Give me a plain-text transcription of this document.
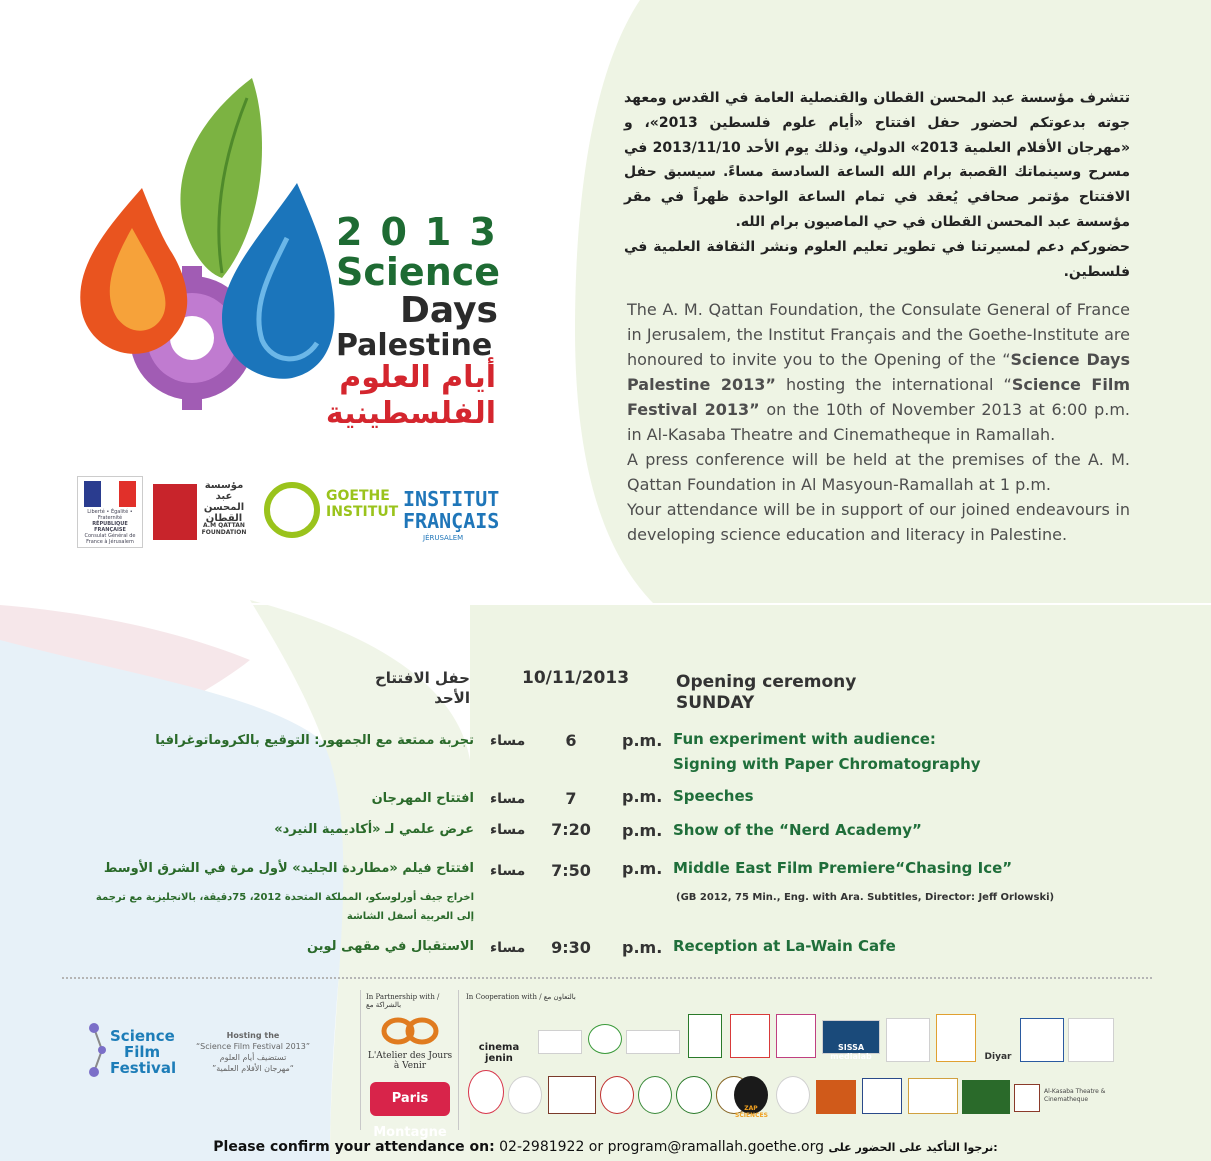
2013
Science
Days
Palestine
أيام العلوم
الفلسطينية
Liberté • Égalité • Fraternité
RÉPUBLIQUE FRANÇAISE
Consulat Général de France à Jérusalem
مؤسسة عبد المحسن القطان
A.M QATTAN FOUNDATION
GOETHE INSTITUT
INSTITUT FRANÇAIS
JÉRUSALEM
تتشرف مؤسسة عبد المحسن القطان والقنصلية العامة في القدس ومعهد جوته بدعوتكم لحضور حفل افتتاح «أيام علوم فلسطين 2013»، و «مهرجان الأفلام العلمية 2013» الدولي، وذلك يوم الأحد 2013/11/10 في مسرح وسينماتك القصبة برام الله الساعة السادسة مساءً. سيسبق حفل الافتتاح مؤتمر صحافي يُعقد في تمام الساعة الواحدة ظهراً في مقر مؤسسة عبد المحسن القطان في حي الماصيون برام الله.
حضوركم دعم لمسيرتنا في تطوير تعليم العلوم ونشر الثقافة العلمية في فلسطين.

The A. M. Qattan Foundation, the Consulate General of France in Jerusalem, the Institut Français and the Goethe-Institute are honoured to invite you to the Opening of the “Science Days Palestine 2013” hosting the international “Science Film Festival 2013” on the 10th of November 2013 at 6:00 p.m. in Al-Kasaba Theatre and Cinematheque in Ramallah.

A press conference will be held at the premises of the A. M. Qattan Foundation in Al Masyoun-Ramallah at 1 p.m.

Your attendance will be in support of our joined endeavours in developing science education and literacy in Palestine.

حفل الافتتاح
الأحد
10/11/2013	Opening ceremony
SUNDAY
تجربة ممتعة مع الجمهور: التوقيع بالكروماتوغرافيا مساء	6	p.m. Fun experiment with audience:
Signing with Paper Chromatography
افتتاح المهرجان مساء	7	p.m. Speeches
عرض علمي لـ «أكاديمية النيرد» مساء	7:20	p.m. Show of the “Nerd Academy”
افتتاح فيلم «مطاردة الجليد» لأول مرة في الشرق الأوسط مساء	7:50	p.m. Middle East Film Premiere“Chasing Ice”
(GB 2012, 75 Min., Eng. with Ara. Subtitles, Director: Jeff Orlowski)
اخراج جيف أورلوسكو، المملكة المتحدة 2012، 75دقيقة، بالانجليزية مع ترجمة
إلى العربية أسفل الشاشة
الاستقبال في مقهى لوين مساء	9:30	p.m. Reception at La-Wain Cafe
Science
Film
Festival
Hosting the
“Science Film Festival 2013”
تستضيف أيام العلوم
“مهرجان الأفلام العلمية”
In Partnership with / بالشراكة مع
In Cooperation with / بالتعاون مع
L'Atelier des Jours à Venir
Paris Montagne
cinema jenin
SISSA medialab	Diyar
ZAP SCIENCES
Al-Kasaba Theatre & Cinematheque
Please confirm your attendance on: 02-2981922 or program@ramallah.goethe.org نرجوا التأكيد على الحضور على:
